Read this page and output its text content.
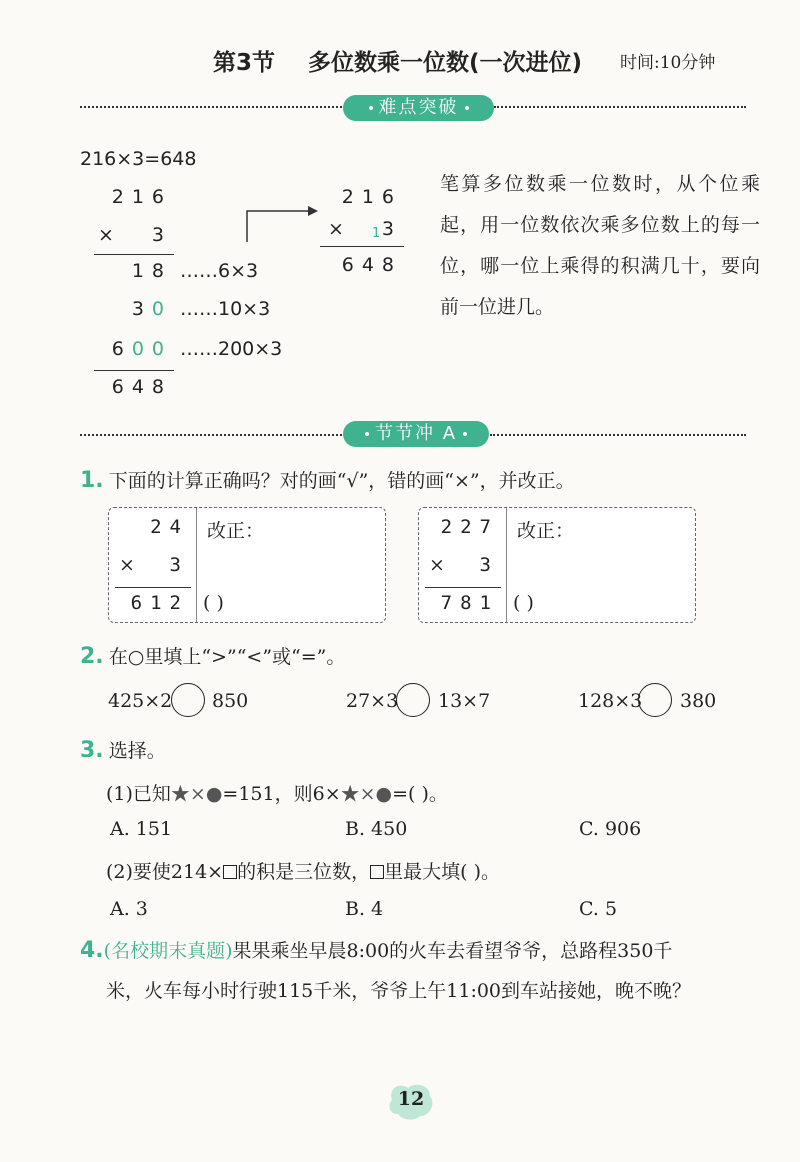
第3节 多位数乘一位数(一次进位) 时间:10分钟
难点突破
216×3=648
216
×	3
18 ……6×3
30 ……10×3
600 ……200×3
648
216
× 1 3
648
笔算多位数乘一位数时，从个位乘起，用一位数依次乘多位数上的每一位，哪一位上乘得的积满几十，要向前一位进几。
节节冲 A
1. 下面的计算正确吗？对的画“√”，错的画“×”，并改正。
24
×	3
612
改正：
( )
227
×	3
781
改正：
( )
2. 在○里填上“>”“<”或“=”。
425×2 850	27×3 13×7	128×3 380
3. 选择。
(1)已知★×●=151，则6×★×●=( )。
A. 151	B. 450	C. 906
(2)要使214× 的积是三位数， 里最大填( )。
A. 3	B. 4	C. 5
4.(名校期末真题)果果乘坐早晨8:00的火车去看望爷爷，总路程350千
米，火车每小时行驶115千米，爷爷上午11:00到车站接她，晚不晚？
12
